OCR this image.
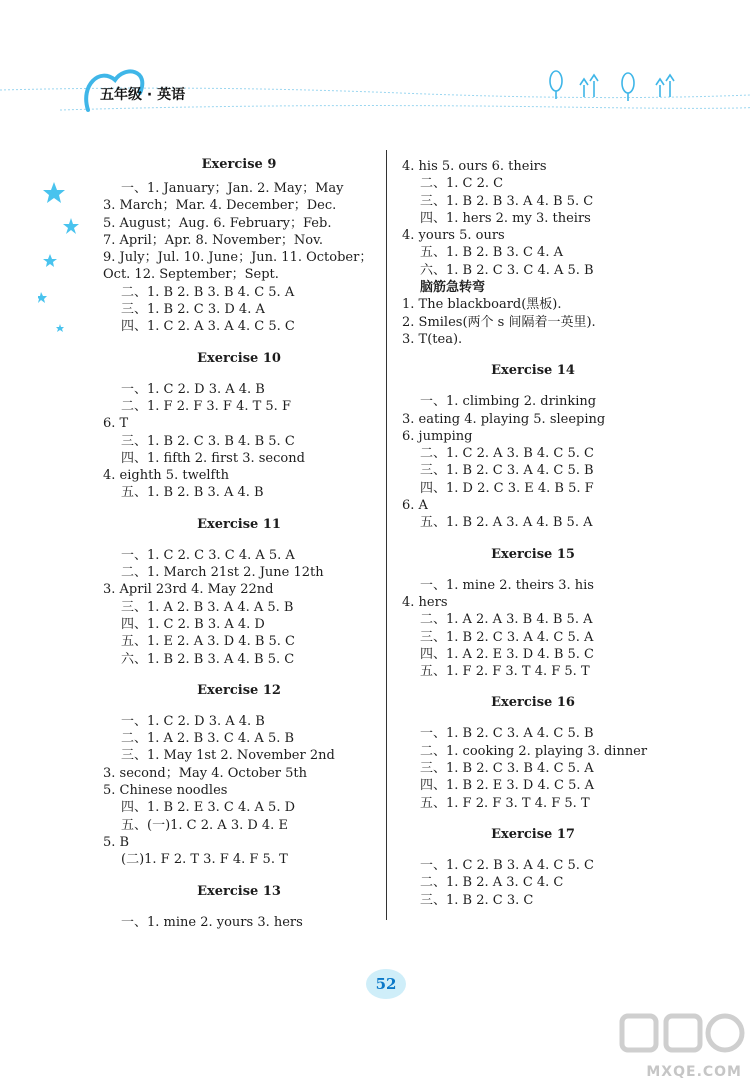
五年级 · 英语
Exercise 9
一、1. January；Jan. 2. May；May
3. March；Mar. 4. December；Dec.
5. August；Aug. 6. February；Feb.
7. April；Apr. 8. November；Nov.
9. July；Jul. 10. June；Jun. 11. October；
Oct. 12. September；Sept.
二、1. B 2. B 3. B 4. C 5. A
三、1. B 2. C 3. D 4. A
四、1. C 2. A 3. A 4. C 5. C
Exercise 10
一、1. C 2. D 3. A 4. B
二、1. F 2. F 3. F 4. T 5. F
6. T
三、1. B 2. C 3. B 4. B 5. C
四、1. fifth 2. first 3. second
4. eighth 5. twelfth
五、1. B 2. B 3. A 4. B
Exercise 11
一、1. C 2. C 3. C 4. A 5. A
二、1. March 21st 2. June 12th
3. April 23rd 4. May 22nd
三、1. A 2. B 3. A 4. A 5. B
四、1. C 2. B 3. A 4. D
五、1. E 2. A 3. D 4. B 5. C
六、1. B 2. B 3. A 4. B 5. C
Exercise 12
一、1. C 2. D 3. A 4. B
二、1. A 2. B 3. C 4. A 5. B
三、1. May 1st 2. November 2nd
3. second；May 4. October 5th
5. Chinese noodles
四、1. B 2. E 3. C 4. A 5. D
五、(一)1. C 2. A 3. D 4. E
5. B
(二)1. F 2. T 3. F 4. F 5. T
Exercise 13
一、1. mine 2. yours 3. hers
4. his 5. ours 6. theirs
二、1. C 2. C
三、1. B 2. B 3. A 4. B 5. C
四、1. hers 2. my 3. theirs
4. yours 5. ours
五、1. B 2. B 3. C 4. A
六、1. B 2. C 3. C 4. A 5. B
脑筋急转弯
1. The blackboard(黑板).
2. Smiles(两个 s 间隔着一英里).
3. T(tea).
Exercise 14
一、1. climbing 2. drinking
3. eating 4. playing 5. sleeping
6. jumping
二、1. C 2. A 3. B 4. C 5. C
三、1. B 2. C 3. A 4. C 5. B
四、1. D 2. C 3. E 4. B 5. F
6. A
五、1. B 2. A 3. A 4. B 5. A
Exercise 15
一、1. mine 2. theirs 3. his
4. hers
二、1. A 2. A 3. B 4. B 5. A
三、1. B 2. C 3. A 4. C 5. A
四、1. A 2. E 3. D 4. B 5. C
五、1. F 2. F 3. T 4. F 5. T
Exercise 16
一、1. B 2. C 3. A 4. C 5. B
二、1. cooking 2. playing 3. dinner
三、1. B 2. C 3. B 4. C 5. A
四、1. B 2. E 3. D 4. C 5. A
五、1. F 2. F 3. T 4. F 5. T
Exercise 17
一、1. C 2. B 3. A 4. C 5. C
二、1. B 2. A 3. C 4. C
三、1. B 2. C 3. C
52
MXQE.COM
